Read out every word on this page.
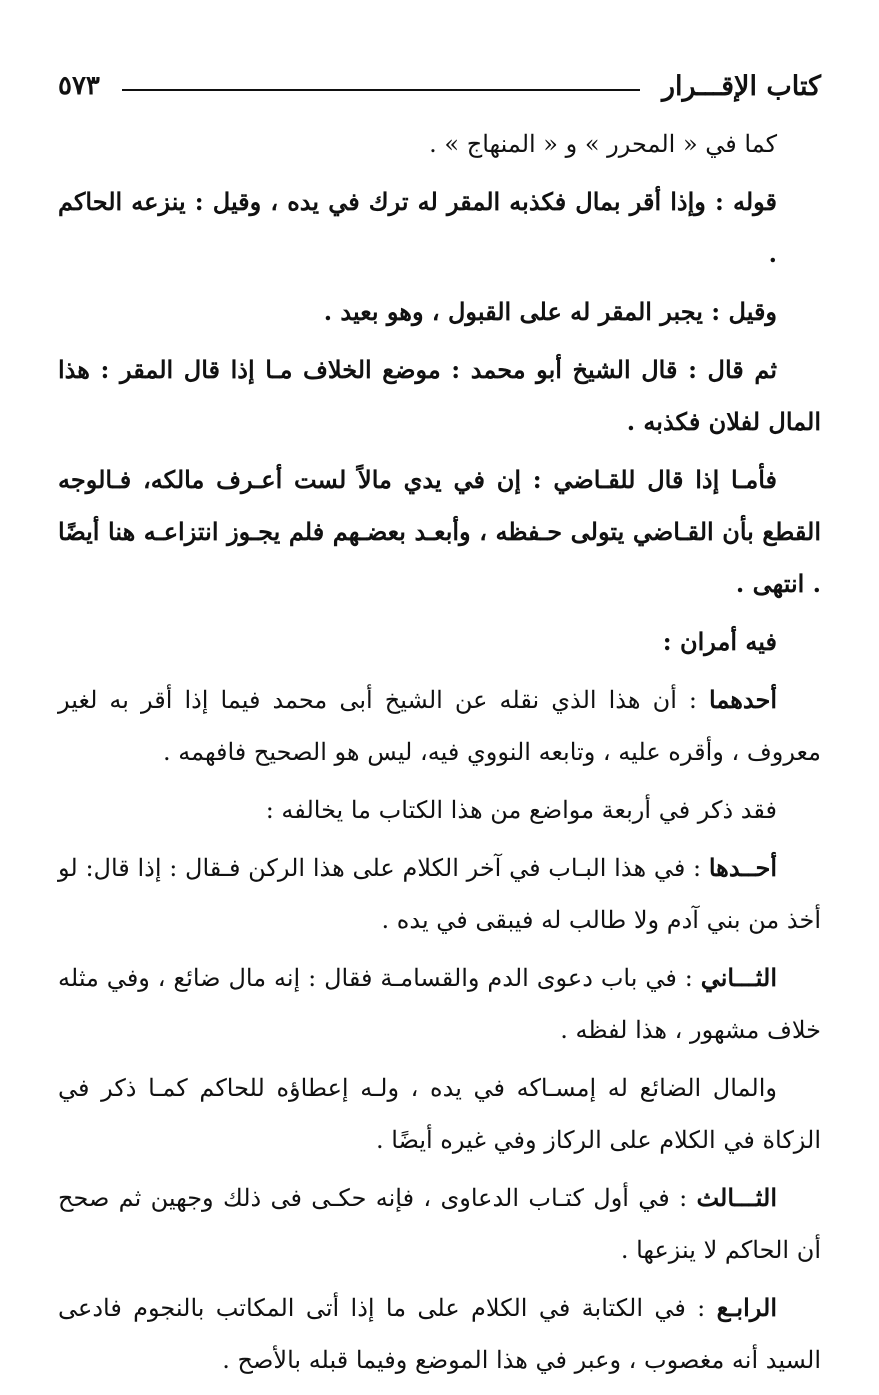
كتاب الإقـــرار
٥٧٣

كما في « المحرر » و « المنهاج » .

قوله : وإذا أقر بمال فكذبه المقر له ترك في يده ، وقيل : ينزعه الحاكم .

وقيل : يجبر المقر له على القبول ، وهو بعيد .

ثم قال : قال الشيخ أبو محمد : موضع الخلاف مـا إذا قال المقر : هذا المال لفلان فكذبه .

فأمـا إذا قال للقـاضي : إن في يدي مالاً لست أعـرف مالكه، فـالوجه القطع بأن القـاضي يتولى حـفظه ، وأبعـد بعضـهم فلم يجـوز انتزاعـه هنا أيضًا . انتهى .

فيه أمران :

أحدهما : أن هذا الذي نقله عن الشيخ أبى محمد فيما إذا أقر به لغير معروف ، وأقره عليه ، وتابعه النووي فيه، ليس هو الصحيح فافهمه .

فقد ذكر في أربعة مواضع من هذا الكتاب ما يخالفه :

أحــدها : في هذا البـاب في آخر الكلام على هذا الركن فـقال : إذا قال: لو أخذ من بني آدم ولا طالب له فيبقى في يده .

الثـــاني : في باب دعوى الدم والقسامـة فقال : إنه مال ضائع ، وفي مثله خلاف مشهور ، هذا لفظه .

والمال الضائع له إمسـاكه في يده ، ولـه إعطاؤه للحاكم كمـا ذكر في الزكاة في الكلام على الركاز وفي غيره أيضًا .

الثـــالث : في أول كتـاب الدعاوى ، فإنه حكـى فى ذلك وجهين ثم صحح أن الحاكم لا ينزعها .

الرابـع : في الكتابة في الكلام على ما إذا أتى المكاتب بالنجوم فادعى السيد أنه مغصوب ، وعبر في هذا الموضع وفيما قبله بالأصح .
